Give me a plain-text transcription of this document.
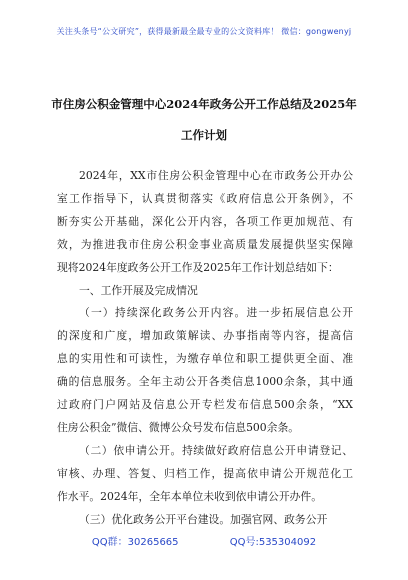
关注头条号“公文研究”，获得最新最全最专业的公文资料库！ 微信：gongwenyj
市住房公积金管理中心2024年政务公开工作总结及2025年
工作计划
2024年，XX市住房公积金管理中心在市政务公开办公
室工作指导下，认真贯彻落实《政府信息公开条例》，不
断夯实公开基础，深化公开内容，各项工作更加规范、有
效，为推进我市住房公积金事业高质量发展提供坚实保障
现将2024年度政务公开工作及2025年工作计划总结如下：
一、工作开展及完成情况
（一）持续深化政务公开内容。进一步拓展信息公开
的深度和广度，增加政策解读、办事指南等内容，提高信
息的实用性和可读性，为缴存单位和职工提供更全面、准
确的信息服务。全年主动公开各类信息1000余条，其中通
过政府门户网站及信息公开专栏发布信息500余条，“XX
住房公积金”微信、微博公众号发布信息500余条。
（二）依申请公开。持续做好政府信息公开申请登记、
审核、办理、答复、归档工作，提高依申请公开规范化工
作水平。2024年，全年本单位未收到依申请公开办件。
（三）优化政务公开平台建设。加强官网、政务公开
QQ群：30265665	QQ号:535304092
